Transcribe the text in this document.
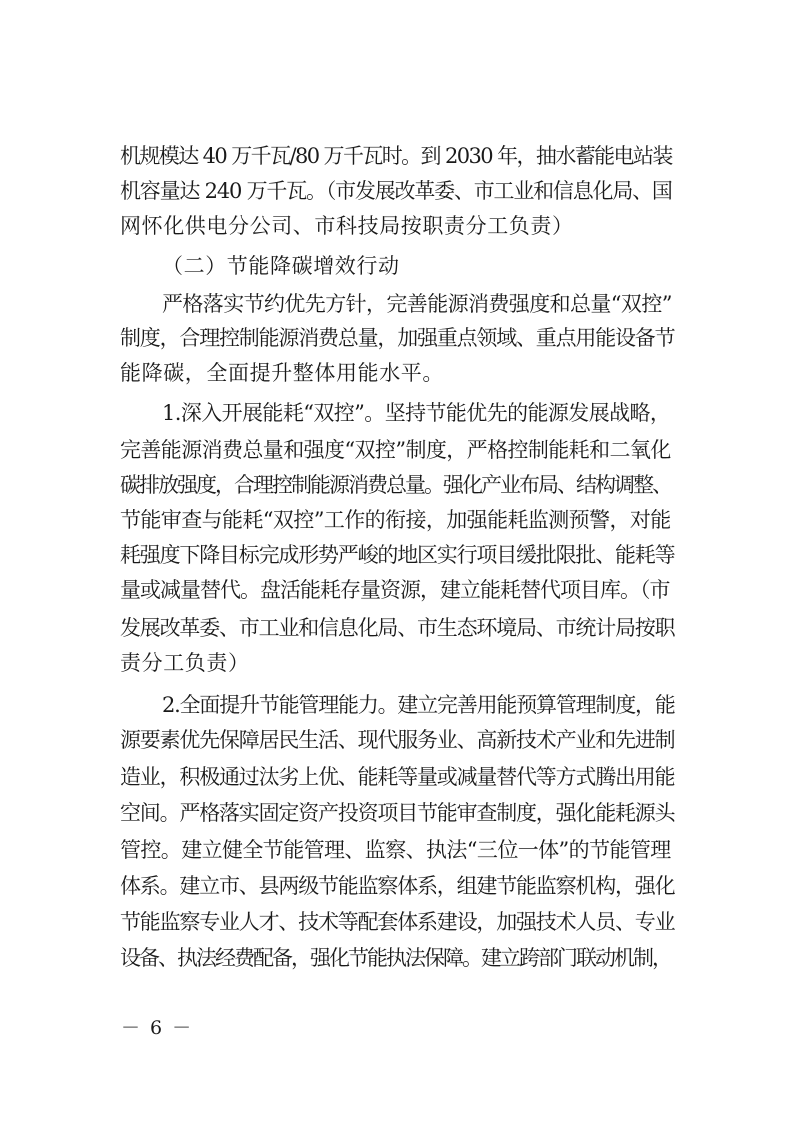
机规模达 40 万千瓦/80 万千瓦时。到 2030 年，抽水蓄能电站装
机容量达 240 万千瓦。（市发展改革委、市工业和信息化局、国
网怀化供电分公司、市科技局按职责分工负责）
（二）节能降碳增效行动
严格落实节约优先方针，完善能源消费强度和总量“双控”
制度，合理控制能源消费总量，加强重点领域、重点用能设备节
能降碳，全面提升整体用能水平。
1.深入开展能耗“双控”。坚持节能优先的能源发展战略，
完善能源消费总量和强度“双控”制度，严格控制能耗和二氧化
碳排放强度，合理控制能源消费总量。强化产业布局、结构调整、
节能审查与能耗“双控”工作的衔接，加强能耗监测预警，对能
耗强度下降目标完成形势严峻的地区实行项目缓批限批、能耗等
量或减量替代。盘活能耗存量资源，建立能耗替代项目库。（市
发展改革委、市工业和信息化局、市生态环境局、市统计局按职
责分工负责）
2.全面提升节能管理能力。建立完善用能预算管理制度，能
源要素优先保障居民生活、现代服务业、高新技术产业和先进制
造业，积极通过汰劣上优、能耗等量或减量替代等方式腾出用能
空间。严格落实固定资产投资项目节能审查制度，强化能耗源头
管控。建立健全节能管理、监察、执法“三位一体”的节能管理
体系。建立市、县两级节能监察体系，组建节能监察机构，强化
节能监察专业人才、技术等配套体系建设，加强技术人员、专业
设备、执法经费配备，强化节能执法保障。建立跨部门联动机制，
－ 6 －
